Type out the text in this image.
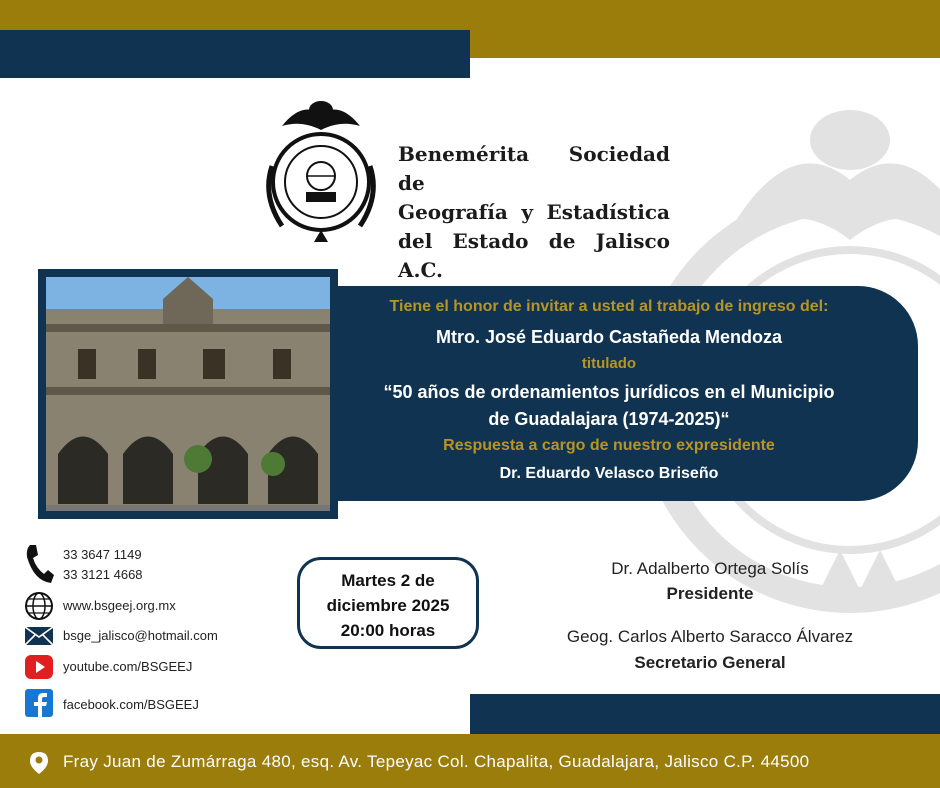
Benemérita Sociedad de
Geografía y Estadística
del Estado de Jalisco A.C.
Tiene el honor de invitar a usted al trabajo de ingreso del:
Mtro. José Eduardo Castañeda Mendoza
titulado
“50 años de ordenamientos jurídicos en el Municipio
de Guadalajara (1974-2025)“
Respuesta a cargo de nuestro expresidente
Dr. Eduardo Velasco Briseño
33 3647 1149
33 3121 4668
www.bsgeej.org.mx
bsge_jalisco@hotmail.com
youtube.com/BSGEEJ
facebook.com/BSGEEJ
Martes 2 de
diciembre 2025
20:00 horas
Dr. Adalberto Ortega Solís
Presidente
Geog. Carlos Alberto Saracco Álvarez
Secretario General
Fray Juan de Zumárraga 480, esq. Av. Tepeyac Col. Chapalita, Guadalajara, Jalisco C.P. 44500
